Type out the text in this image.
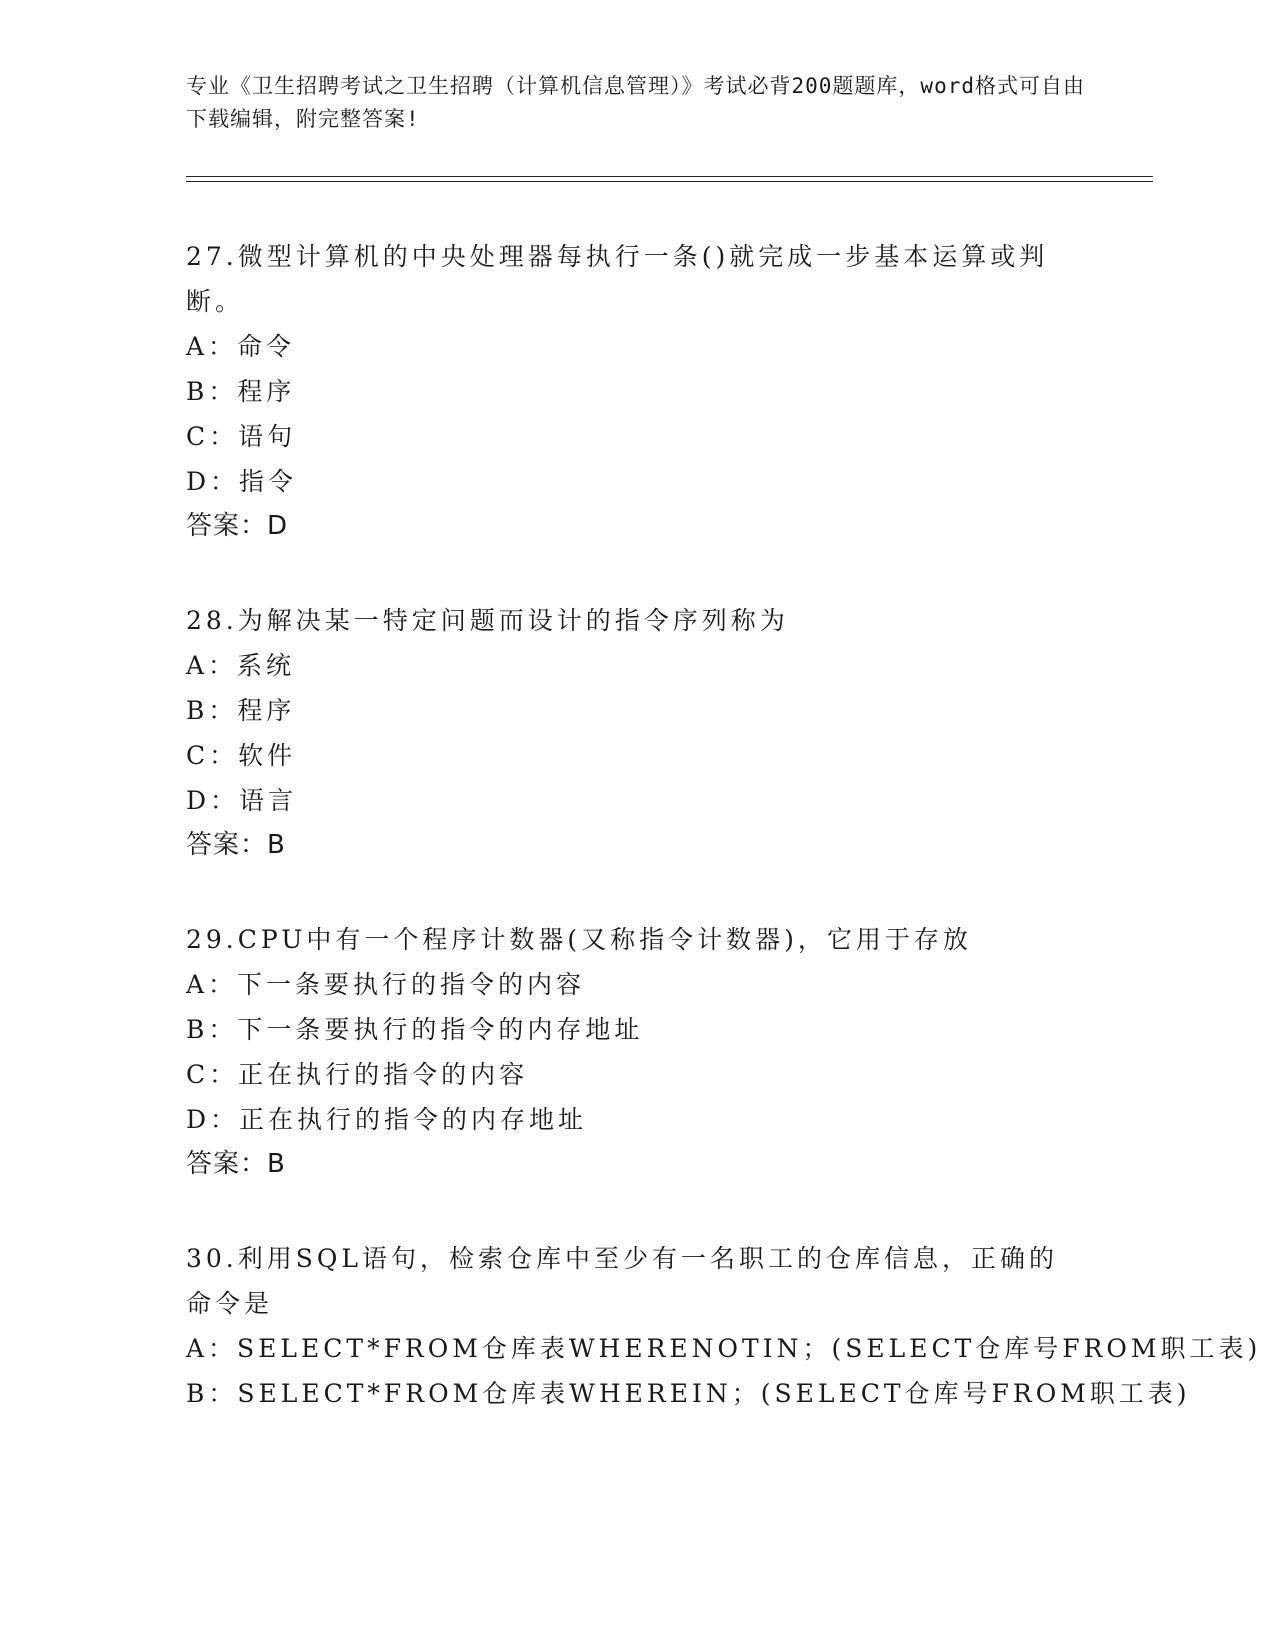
专业《卫生招聘考试之卫生招聘（计算机信息管理）》考试必背200题题库，word格式可自由下载编辑，附完整答案!

27.微型计算机的中央处理器每执行一条()就完成一步基本运算或判断。

A：命令

B：程序

C：语句

D：指令

答案：D

28.为解决某一特定问题而设计的指令序列称为

A：系统

B：程序

C：软件

D：语言

答案：B

29.CPU中有一个程序计数器(又称指令计数器)，它用于存放

A：下一条要执行的指令的内容

B：下一条要执行的指令的内存地址

C：正在执行的指令的内容

D：正在执行的指令的内存地址

答案：B

30.利用SQL语句，检索仓库中至少有一名职工的仓库信息，正确的命令是

A：SELECT*FROM仓库表WHERENOTIN；(SELECT仓库号FROM职工表)

B：SELECT*FROM仓库表WHEREIN；(SELECT仓库号FROM职工表)
